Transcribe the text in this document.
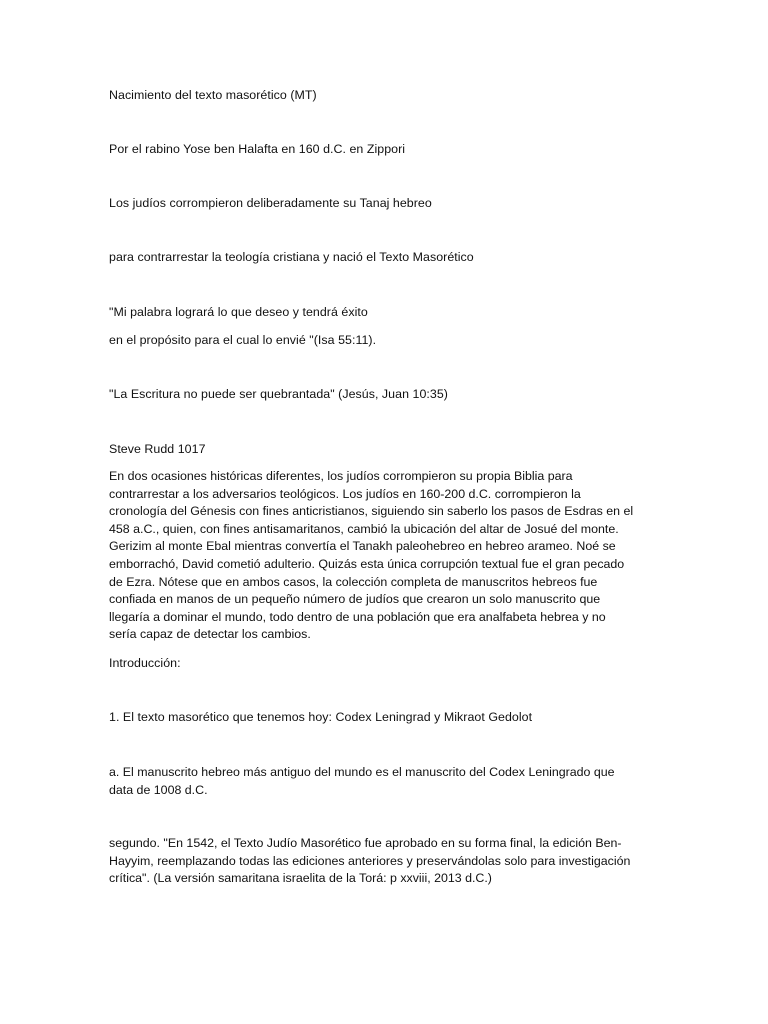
Nacimiento del texto masorético (MT)
Por el rabino Yose ben Halafta en 160 d.C. en Zippori
Los judíos corrompieron deliberadamente su Tanaj hebreo
para contrarrestar la teología cristiana y nació el Texto Masorético
"Mi palabra logrará lo que deseo y tendrá éxito
en el propósito para el cual lo envié "(Isa 55:11).
"La Escritura no puede ser quebrantada" (Jesús, Juan 10:35)
Steve Rudd 1017
En dos ocasiones históricas diferentes, los judíos corrompieron su propia Biblia para
contrarrestar a los adversarios teológicos. Los judíos en 160-200 d.C. corrompieron la
cronología del Génesis con fines anticristianos, siguiendo sin saberlo los pasos de Esdras en el
458 a.C., quien, con fines antisamaritanos, cambió la ubicación del altar de Josué del monte.
Gerizim al monte Ebal mientras convertía el Tanakh paleohebreo en hebreo arameo. Noé se
emborrachó, David cometió adulterio. Quizás esta única corrupción textual fue el gran pecado
de Ezra. Nótese que en ambos casos, la colección completa de manuscritos hebreos fue
confiada en manos de un pequeño número de judíos que crearon un solo manuscrito que
llegaría a dominar el mundo, todo dentro de una población que era analfabeta hebrea y no
sería capaz de detectar los cambios.
Introducción:
1. El texto masorético que tenemos hoy: Codex Leningrad y Mikraot Gedolot
a. El manuscrito hebreo más antiguo del mundo es el manuscrito del Codex Leningrado que
data de 1008 d.C.
segundo. "En 1542, el Texto Judío Masorético fue aprobado en su forma final, la edición Ben-
Hayyim, reemplazando todas las ediciones anteriores y preservándolas solo para investigación
crítica". (La versión samaritana israelita de la Torá: p xxviii, 2013 d.C.)
